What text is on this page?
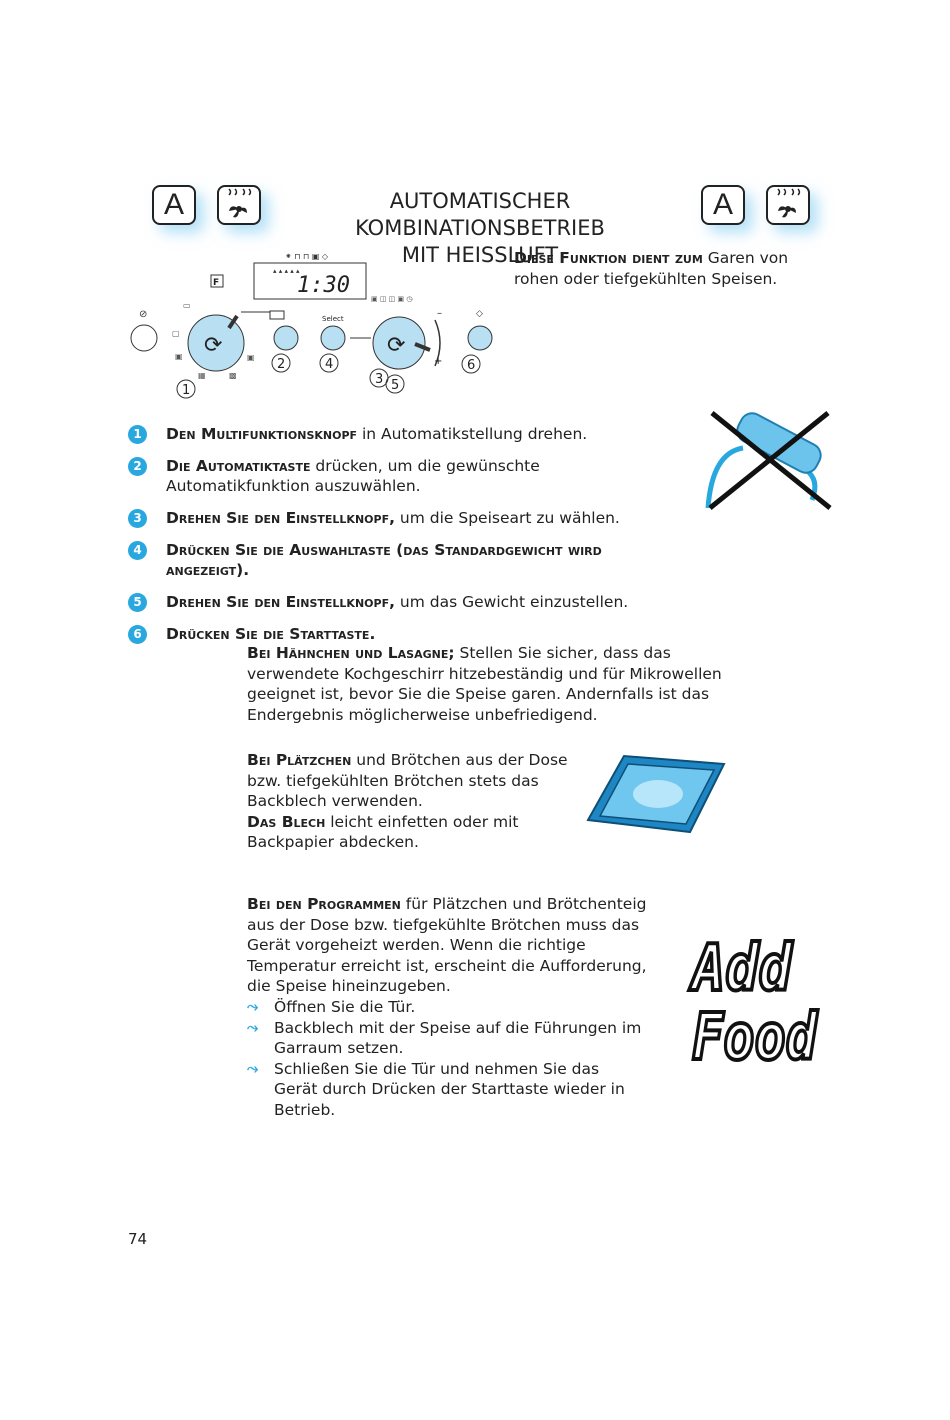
A	AUTOMATISCHER KOMBINATIONSBETRIEB
MIT HEISSLUFT
A
1:30
⁕ ⊓ ⊓ ▣ ◇
▴ ▴ ▴ ▴ ▴
⊘
F
⟳
▭
▢
▣
▦	▩
▣ 2
Select
4
▣ ◫ ◫ ▣ ◷
⟳
–
+
3 5
◇
6
1
Diese Funktion dient zum Garen von rohen oder tiefgekühlten Speisen.
1	Den Multifunktionsknopf in Automatikstellung drehen.
2	Die Automatiktaste drücken, um die gewünschte Automatikfunktion auszuwählen.
3	Drehen Sie den Einstellknopf, um die Speiseart zu wählen.
4	Drücken Sie die Auswahltaste (das Standardgewicht wird angezeigt).
5	Drehen Sie den Einstellknopf, um das Gewicht einzustellen.
6	Drücken Sie die Starttaste.
Bei Hähnchen und Lasagne; Stellen Sie sicher, dass das verwendete Kochgeschirr hitzebeständig und für Mikrowellen geeignet ist, bevor Sie die Speise garen. Andernfalls ist das Endergebnis möglicherweise unbefriedigend.
Bei Plätzchen und Brötchen aus der Dose bzw. tiefgekühlten Brötchen stets das Backblech verwenden.
Das Blech leicht einfetten oder mit Backpapier abdecken.
Bei den Programmen für Plätzchen und Brötchenteig aus der Dose bzw. tiefgekühlte Brötchen muss das Gerät vorgeheizt werden. Wenn die richtige Temperatur erreicht ist, erscheint die Aufforderung, die Speise hineinzugeben.
⤳ Öffnen Sie die Tür.
⤳ Backblech mit der Speise auf die Führungen im Garraum setzen.
⤳ Schließen Sie die Tür und nehmen Sie das Gerät durch Drücken der Starttaste wieder in Betrieb.
Add
Food
74
